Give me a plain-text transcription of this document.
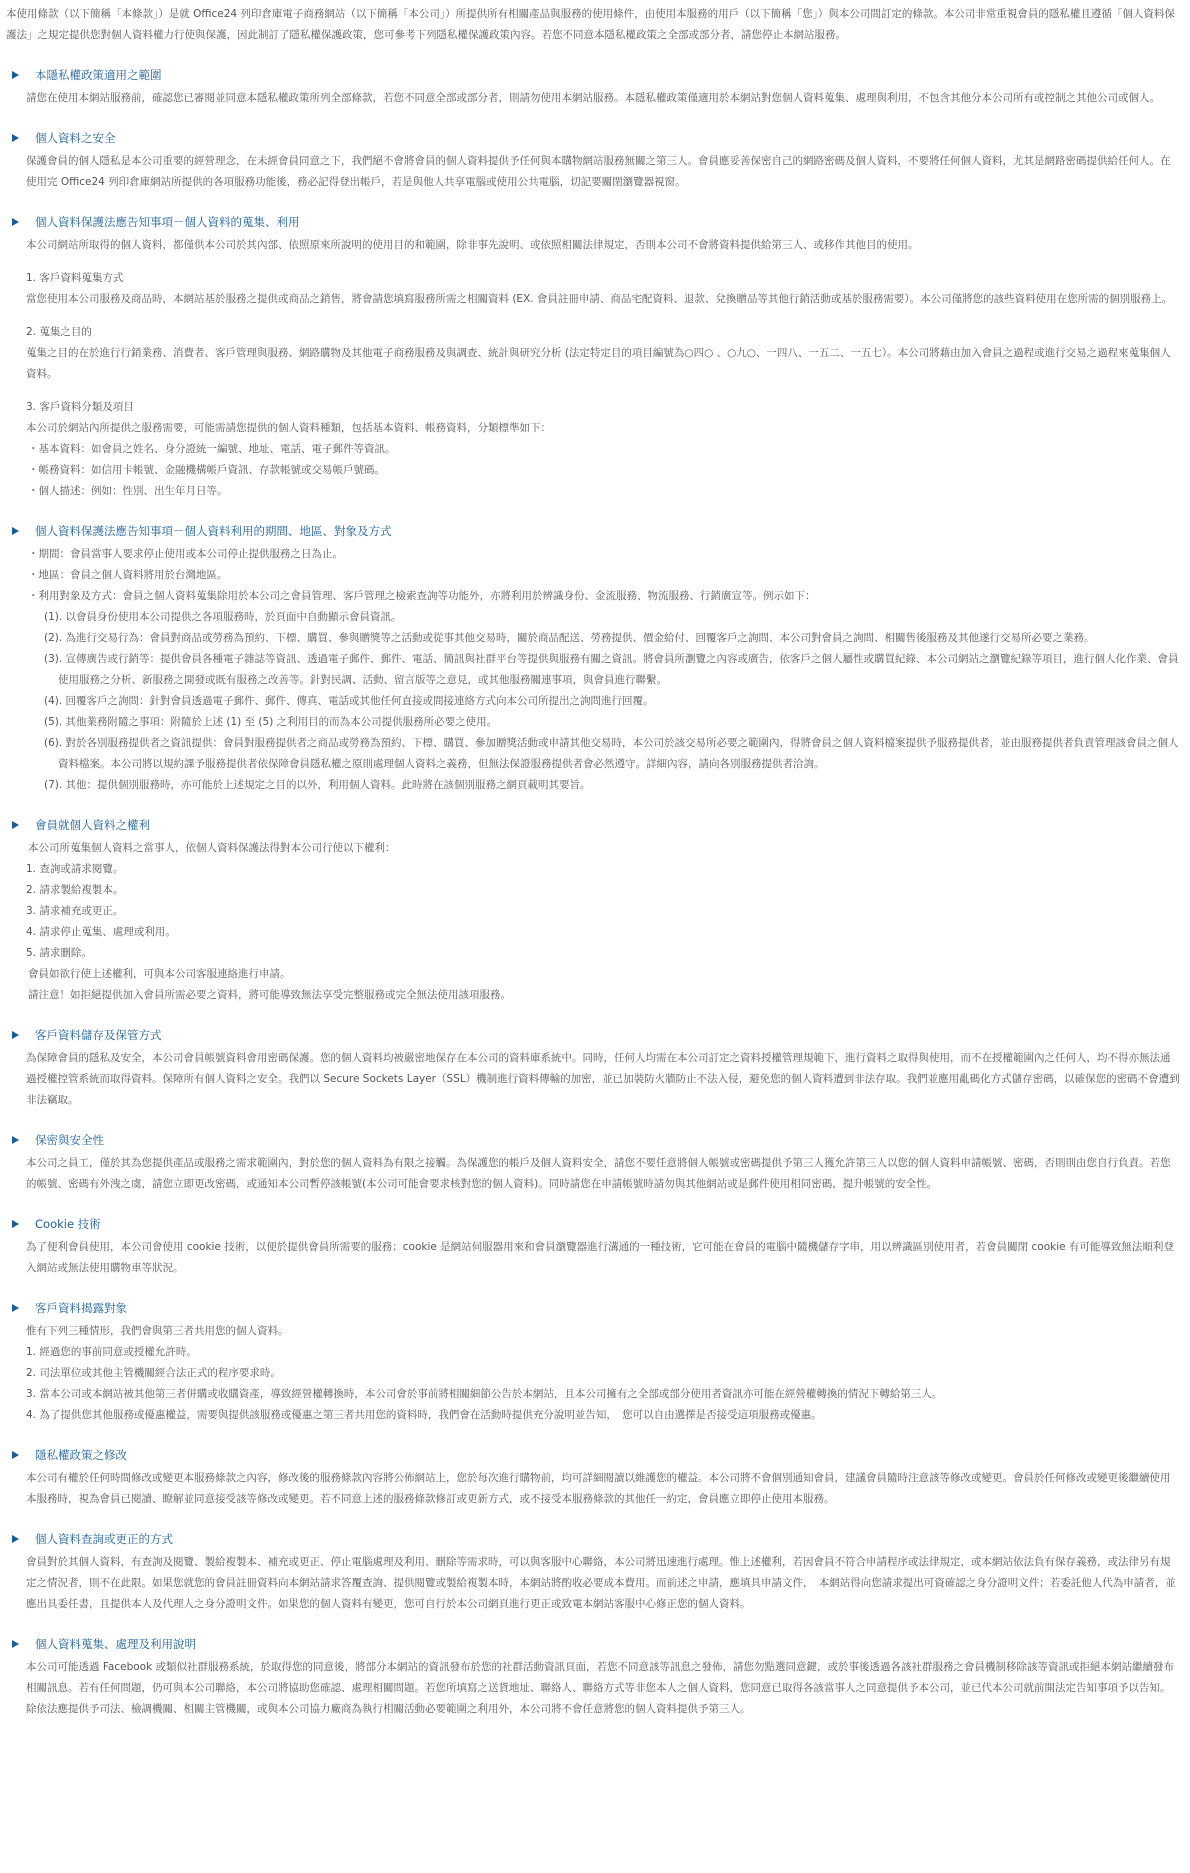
本使用條款（以下簡稱「本條款」）是就 Office24 列印倉庫電子商務網站（以下簡稱「本公司」）所提供所有相關產品與服務的使用條件，由使用本服務的用戶（以下簡稱「您」）與本公司間訂定的條款。本公司非常重視會員的隱私權且遵循「個人資料保護法」之規定提供您對個人資料權力行使與保護，因此制訂了隱私權保護政策，您可參考下列隱私權保護政策內容。若您不同意本隱私權政策之全部或部分者，請您停止本網站服務。

本隱私權政策適用之範圍

請您在使用本網站服務前，確認您已審閱並同意本隱私權政策所列全部條款，若您不同意全部或部分者，則請勿使用本網站服務。本隱私權政策僅適用於本網站對您個人資料蒐集、處理與利用，不包含其他分本公司所有或控制之其他公司或個人。

個人資料之安全

保護會員的個人隱私是本公司重要的經營理念，在未經會員同意之下，我們絕不會將會員的個人資料提供予任何與本購物網站服務無關之第三人。會員應妥善保密自己的網路密碼及個人資料，不要將任何個人資料，尤其是網路密碼提供給任何人。在使用完 Office24 列印倉庫網站所提供的各項服務功能後，務必記得登出帳戶，若是與他人共享電腦或使用公共電腦，切記要關閉瀏覽器視窗。

個人資料保護法應告知事項－個人資料的蒐集、利用

本公司網站所取得的個人資料，都僅供本公司於其內部、依照原來所說明的使用目的和範圍，除非事先說明、或依照相關法律規定，否則本公司不會將資料提供給第三人、或移作其他目的使用。

1. 客戶資料蒐集方式

當您使用本公司服務及商品時，本網站基於服務之提供或商品之銷售，將會請您填寫服務所需之相關資料 (EX. 會員註冊申請、商品宅配資料、退款、兌換贈品等其他行銷活動或基於服務需要）。本公司僅將您的該些資料使用在您所需的個別服務上。

2. 蒐集之目的

蒐集之目的在於進行行銷業務、消費者、客戶管理與服務、網路購物及其他電子商務服務及與調查、統計與研究分析 (法定特定目的項目編號為○四○ 、○九○、一四八、一五二、一五七）。本公司將藉由加入會員之過程或進行交易之過程來蒐集個人資料。

3. 客戶資料分類及項目

本公司於網站內所提供之服務需要，可能需請您提供的個人資料種類，包括基本資料、帳務資料，分類標準如下：

・基本資料：如會員之姓名、身分證統一編號、地址、電話、電子郵件等資訊。

・帳務資料：如信用卡帳號、金融機構帳戶資訊、存款帳號或交易帳戶號碼。

・個人描述：例如：性別、出生年月日等。

個人資料保護法應告知事項－個人資料利用的期間、地區、對象及方式

・期間：會員當事人要求停止使用或本公司停止提供服務之日為止。

・地區：會員之個人資料將用於台灣地區。

・利用對象及方式：會員之個人資料蒐集除用於本公司之會員管理、客戶管理之檢索查詢等功能外，亦將利用於辨識身份、金流服務、物流服務、行銷廣宣等。例示如下：

(1). 以會員身份使用本公司提供之各項服務時，於頁面中自動顯示會員資訊。

(2). 為進行交易行為：會員對商品或勞務為預約、下標、購買、參與贈獎等之活動或從事其他交易時，關於商品配送、勞務提供、價金給付、回覆客戶之詢問、本公司對會員之詢問、相關售後服務及其他遂行交易所必要之業務。

(3). 宣傳廣告或行銷等：提供會員各種電子雜誌等資訊、透過電子郵件、郵件、電話、簡訊與社群平台等提供與服務有關之資訊。將會員所瀏覽之內容或廣告，依客戶之個人屬性或購買紀錄、本公司網站之瀏覽紀錄等項目，進行個人化作業、會員使用服務之分析、新服務之開發或既有服務之改善等。針對民調、活動、留言版等之意見，或其他服務關連事項，與會員進行聯繫。

(4). 回覆客戶之詢問：針對會員透過電子郵件、郵件、傳真、電話或其他任何直接或間接連絡方式向本公司所提出之詢問進行回覆。

(5). 其他業務附隨之事項：附隨於上述 (1) 至 (5) 之利用目的而為本公司提供服務所必要之使用。

(6). 對於各別服務提供者之資訊提供：會員對服務提供者之商品或勞務為預約、下標、購買、參加贈獎活動或申請其他交易時，本公司於該交易所必要之範圍內，得將會員之個人資料檔案提供予服務提供者，並由服務提供者負責管理該會員之個人資料檔案。本公司將以規約課予服務提供者依保障會員隱私權之原則處理個人資料之義務，但無法保證服務提供者會必然遵守。詳細內容，請向各別服務提供者洽詢。

(7). 其他：提供個別服務時，亦可能於上述規定之目的以外，利用個人資料。此時將在該個別服務之網頁載明其要旨。

會員就個人資料之權利

本公司所蒐集個人資料之當事人，依個人資料保護法得對本公司行使以下權利：

1. 查詢或請求閱覽。

2. 請求製給複製本。

3. 請求補充或更正。

4. 請求停止蒐集、處理或利用。

5. 請求刪除。

會員如欲行使上述權利，可與本公司客服連絡進行申請。

請注意！如拒絕提供加入會員所需必要之資料，將可能導致無法享受完整服務或完全無法使用該項服務。

客戶資料儲存及保管方式

為保障會員的隱私及安全，本公司會員帳號資料會用密碼保護。您的個人資料均被嚴密地保存在本公司的資料庫系統中。同時，任何人均需在本公司訂定之資料授權管理規範下，進行資料之取得與使用，而不在授權範圍內之任何人，均不得亦無法通過授權控管系統而取得資料。保障所有個人資料之安全。我們以 Secure Sockets Layer（SSL）機制進行資料傳輸的加密，並已加裝防火牆防止不法入侵，避免您的個人資料遭到非法存取。我們並應用亂碼化方式儲存密碼，以確保您的密碼不會遭到非法竊取。

保密與安全性

本公司之員工，僅於其為您提供產品或服務之需求範圍內，對於您的個人資料為有限之接觸。為保護您的帳戶及個人資料安全，請您不要任意將個人帳號或密碼提供予第三人獲允許第三人以您的個人資料申請帳號、密碼，否則則由您自行負責。若您的帳號、密碼有外洩之虞，請您立即更改密碼，或通知本公司暫停該帳號(本公司可能會要求核對您的個人資料)。同時請您在申請帳號時請勿與其他網站或是郵件使用相同密碼，提升帳號的安全性。

Cookie 技術

為了便利會員使用，本公司會使用 cookie 技術，以便於提供會員所需要的服務；cookie 是網站伺服器用來和會員瀏覽器進行溝通的一種技術，它可能在會員的電腦中隨機儲存字串，用以辨識區別使用者，若會員關閉 cookie 有可能導致無法順利登入網站或無法使用購物車等狀況。

客戶資料揭露對象

惟有下列三種情形，我們會與第三者共用您的個人資料。

1. 經過您的事前同意或授權允許時。

2. 司法單位或其他主管機關經合法正式的程序要求時。

3. 當本公司或本網站被其他第三者併購或收購資產，導致經營權轉換時，本公司會於事前將相關細節公告於本網站，且本公司擁有之全部或部分使用者資訊亦可能在經營權轉換的情況下轉給第三人。

4. 為了提供您其他服務或優惠權益，需要與提供該服務或優惠之第三者共用您的資料時，我們會在活動時提供充分說明並告知，　您可以自由選擇是否接受這項服務或優惠。

隱私權政策之修改

本公司有權於任何時間修改或變更本服務條款之內容，修改後的服務條款內容將公佈網站上，您於每次進行購物前，均可詳細閱讀以維護您的權益。本公司將不會個別通知會員，建議會員隨時注意該等修改或變更。會員於任何修改或變更後繼續使用本服務時，視為會員已閱讀、瞭解並同意接受該等修改或變更。若不同意上述的服務條款修訂或更新方式，或不接受本服務條款的其他任一約定，會員應立即停止使用本服務。

個人資料查詢或更正的方式

會員對於其個人資料，有查詢及閱覽、製給複製本、補充或更正、停止電腦處理及利用、刪除等需求時，可以與客服中心聯絡，本公司將迅速進行處理。惟上述權利，若因會員不符合申請程序或法律規定，或本網站依法負有保存義務，或法律另有規定之情況者，則不在此限。如果您就您的會員註冊資料向本網站請求答覆查詢、提供閱覽或製給複製本時，本網站將酌收必要成本費用。而前述之申請，應填具申請文件，　本網站得向您請求提出可資確認之身分證明文件；若委託他人代為申請者，並應出具委任書，且提供本人及代理人之身分證明文件。如果您的個人資料有變更，您可自行於本公司網頁進行更正或致電本網站客服中心修正您的個人資料。

個人資料蒐集、處理及利用說明

本公司可能透過 Facebook 或類似社群服務系統，於取得您的同意後，將部分本網站的資訊發布於您的社群活動資訊頁面，若您不同意該等訊息之發佈，請您勿點選同意鍵，或於事後透過各該社群服務之會員機制移除該等資訊或拒絕本網站繼續發布相關訊息。若有任何問題，仍可與本公司聯絡，本公司將協助您確認、處理相關問題。若您所填寫之送貨地址、聯絡人、聯絡方式等非您本人之個人資料，您同意已取得各該當事人之同意提供予本公司，並已代本公司就前開法定告知事項予以告知。除依法應提供予司法、檢調機關、相關主管機關，或與本公司協力廠商為執行相關活動必要範圍之利用外，本公司將不會任意將您的個人資料提供予第三人。
